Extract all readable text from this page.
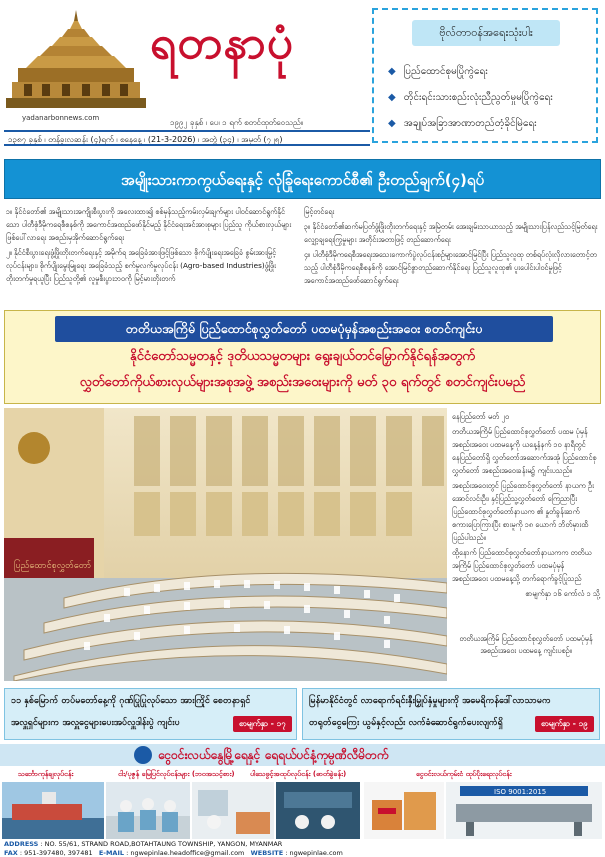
ရတနာပုံ
yadanarbonnews.com	၁၉၉၂ ခုနှစ် ၊ ပေ၊ ၁ ရက် စတင်ထုတ်ဝေသည်။
၁၃၈၇ ခုနှစ် ၊ တန်ခူးလဆန်း (၄)ရက် ၊ စနေနေ့ ၊ (21-3-2026) ၊ အတွဲ (၃၄) ၊ အမှတ် (၇၂၅)
ဗိုလ်တာဝန်အရေးသုံးပါး
◆ ပြည်ထောင်စုမပြိုကွဲရေး
◆ တိုင်းရင်းသားစည်းလုံးညီညွတ်မှုမပြိုကွဲရေး
◆ အချုပ်အခြာအာဏာတည်တံ့ခိုင်မြဲရေး
အမျိုးသားကာကွယ်ရေးနှင့် လုံခြုံရေးကောင်စီ၏ ဦးတည်ချက်(၄)ရပ်

၁။ နိုင်ငံတော်၏ အမျိုးသားအကျိုးစီးပွားကို အလေးထား၍ စစ်မှန်သည့်ကမ်းလှမ်းချက်များ ပါဝင်ဆောင်ရွက်နိုင်သော ပါတီစုံဒီမိုကရေစီစနစ်ကို အကောင်အထည်ဖော်နိုင်မည့် နိုင်ငံရေးအင်အားစုများ ပြည်သူ ကိုယ်စားလှယ်များဖြစ်ပေါ်လာရေး အစည်းမှအိုက်ဆောင်ရွက်ရေး

၂။ နိုင်ငံစီးပွားရေးဖွံ့ဖြိုးတိုးတက်ရေးနှင့် အမိုက်ရ အခြေခံအားဖြင့်ဖြစ်သော စိုက်ပျိုးရေးအခြေခံ စွမ်းအားမြှင့်လုပ်ငန်းများ၊ စိုက်ပျိုးမွေးမြူရေး အခြေခံသည့် စက်မှုလက်မှုလုပ်ငန်း (Agro-based Industries)ဖွံ့ဖြိုးတိုးတက်မှုရယူပြီး ပြည်သူတို့၏ လူမှုစီးပွားဘဝကို မြင့်မားတိုးတက်

မြင့်တင်ရေး

၃။ နိုင်ငံတော်၏ဆက်မပြတ်ဖွံ့ဖြိုးတိုးတက်ရေးနှင့် အမြဲတမ်း အေးချမ်းသာယာသည့် အမျိုးသားပြန်လည်သင့်မြတ်ရေး လျှော့ချရေးကြွမှုများ အတိုင်းအတာဖြင့် တည်ဆောက်ရေး

၄။ ပါတီစုံဒီမိုကရေစီအရေးအသေးကောက်ပွဲလုပ်ငန်းစဉ်များအောင်မြင်ပြီး ပြည်သူလူထု တစ်ရပ်လုံးလိုလားတောင့်တသည့် ပါတီစုံဒီမိုကရေစီစနစ်ကို အောင်မြင်စွာတည်ဆောက်နိုင်ရေး ပြည်သူလူထု၏ ပူးပေါင်းပါဝင်မှုဖြင့် အကောင်အထည်ဖော်ဆောင်ရွက်ရေး

တတိယအကြိမ် ပြည်ထောင်စုလွှတ်တော် ပထမပုံမှန်အစည်းအဝေး စတင်ကျင်းပ
နိုင်ငံတော်သမ္မတနှင့် ဒုတိယသမ္မတများ ရွေးချယ်တင်မြှောက်နိုင်ရန်အတွက်
လွှတ်တော်ကိုယ်စားလှယ်များအစုအဖွဲ့ အစည်းအဝေးများကို မတ် ၃၀ ရက်တွင် စတင်ကျင်းပမည်
ပြည်ထောင်စုလွှတ်တော်

နေပြည်တော် မတ် ၂၀

တတိယအကြိမ် ပြည်ထောင်စုလွှတ်တော် ပထမ ပုံမှန်အစည်းအဝေး ပထမနေ့ကို ယနေ့နံနက် ၁၀ နာရီတွင် နေပြည်တော်ရှိ လွှတ်တော်အဆောက်အအုံ ပြည်ထောင်စုလွှတ်တော် အစည်းအဝေးခန်းမ၌ ကျင်းပသည်။

အစည်းအဝေးတွင် ပြည်ထောင်စုလွှတ်တော် နာယက ဦးအောင်လင်းဦး၊ နှင့်ပြည်သူ့လွှတ်တော် ကြေညာပြီး ပြည်ထောင်စုလွှတ်တော်နာယက ၏ နှုတ်ခွန်းဆက်စကားပြောကြားပြီး စားမူကို ၁၈ ယောက် ဘိတ်မှားထိပြည်ပါသည်။

ထို့နောက် ပြည်ထောင်စုလွှတ်တော်နာယကက တတိယအကြိမ် ပြည်ထောင်စုလွှတ်တော် ပထမပုံမှန် အစည်းအဝေး ပထမနေ့သို့ တက်ရောက်ခွင့်ပြုသည်

စာမျက်နှာ ၁၆ ကော်လံ ၁ သို့

တတိယအကြိမ် ပြည်ထောင်စုလွှတ်တော် ပထမပုံမှန်အစည်းအဝေး ပထမနေ့ ကျင်းပစဉ်။
၁၁ နှစ်မြောက် တပ်မတော်နေ့ကို ဂုဏ်ပြုပြုလုပ်သော အားကြိုင် စေတနာရှင်
အလှူရှင်များက အလှူငွေများပေးအပ်လှူဒါန်းပွဲ ကျင်းပ	စာမျက်နှာ - ၁၇
မြန်မာနိုင်ငံတွင် လာရောက်ရင်းနှီးမြှုပ်နှံမှုများကို အမေရိကန်ဒေါ်လာသာမက
တရုတ်ငွေကြေး ယွမ်နှင့်လည်း လက်ခံဆောင်ရွက်ပေးလျက်ရှိ	စာမျက်နှာ - ၁၉
ငွေဝင်းလယ်နွေမြို့ရေနှင့် ရေရယ်ပင်နံ့ကုမ္ပဏီလီမိတက်
သင်္ဘောကုန်ချလုပ်ငန်း	ငါး/ပုဇွန် မြေပြင်လုပ်ငန်းများ (ဘဝအသင့်စား) ပါသေဖွင့်အထုပ်လုပ်ငန်း (ဓာတ်ခွဲခန်း)	ငွေဝင်းလယ်ကုမ်းငံ ထုပ်ပိုးရေးလုပ်ငန်း
ISO 9001:2015
ADDRESS : NO. 55/61, STRAND ROAD,BOTAHTAUNG TOWNSHIP, YANGON, MYANMAR
FAX : 951-397480, 397481 E-MAIL : ngwepinlae.headoffice@gmail.com WEBSITE : ngwepinlae.com
